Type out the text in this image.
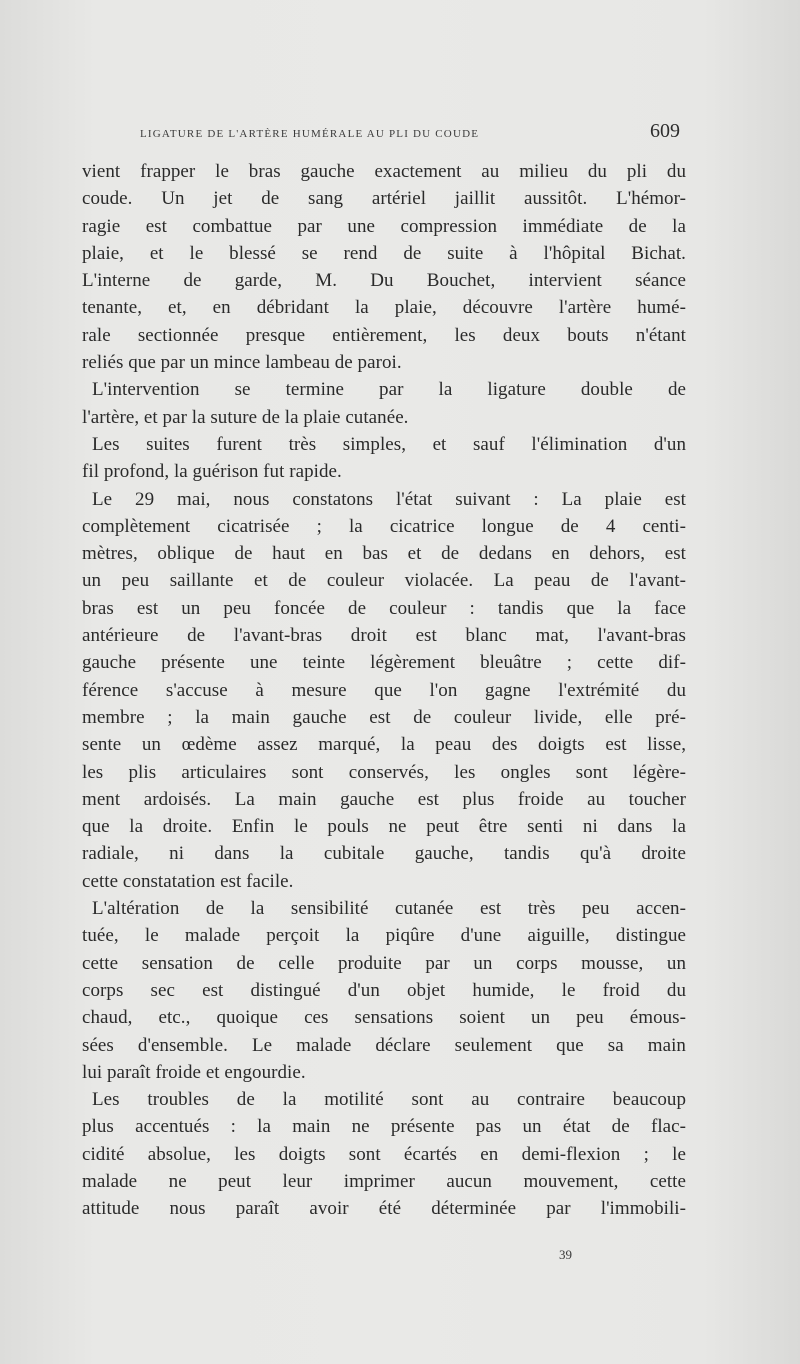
LIGATURE DE L'ARTÈRE HUMÉRALE AU PLI DU COUDE	609
vient frapper le bras gauche exactement au milieu du pli du
coude. Un jet de sang artériel jaillit aussitôt. L'hémor-
ragie est combattue par une compression immédiate de la
plaie, et le blessé se rend de suite à l'hôpital Bichat.
L'interne de garde, M. Du Bouchet, intervient séance
tenante, et, en débridant la plaie, découvre l'artère humé-
rale sectionnée presque entièrement, les deux bouts n'étant
reliés que par un mince lambeau de paroi.
L'intervention se termine par la ligature double de
l'artère, et par la suture de la plaie cutanée.
Les suites furent très simples, et sauf l'élimination d'un
fil profond, la guérison fut rapide.
Le 29 mai, nous constatons l'état suivant : La plaie est
complètement cicatrisée ; la cicatrice longue de 4 centi-
mètres, oblique de haut en bas et de dedans en dehors, est
un peu saillante et de couleur violacée. La peau de l'avant-
bras est un peu foncée de couleur : tandis que la face
antérieure de l'avant-bras droit est blanc mat, l'avant-bras
gauche présente une teinte légèrement bleuâtre ; cette dif-
férence s'accuse à mesure que l'on gagne l'extrémité du
membre ; la main gauche est de couleur livide, elle pré-
sente un œdème assez marqué, la peau des doigts est lisse,
les plis articulaires sont conservés, les ongles sont légère-
ment ardoisés. La main gauche est plus froide au toucher
que la droite. Enfin le pouls ne peut être senti ni dans la
radiale, ni dans la cubitale gauche, tandis qu'à droite
cette constatation est facile.
L'altération de la sensibilité cutanée est très peu accen-
tuée, le malade perçoit la piqûre d'une aiguille, distingue
cette sensation de celle produite par un corps mousse, un
corps sec est distingué d'un objet humide, le froid du
chaud, etc., quoique ces sensations soient un peu émous-
sées d'ensemble. Le malade déclare seulement que sa main
lui paraît froide et engourdie.
Les troubles de la motilité sont au contraire beaucoup
plus accentués : la main ne présente pas un état de flac-
cidité absolue, les doigts sont écartés en demi-flexion ; le
malade ne peut leur imprimer aucun mouvement, cette
attitude nous paraît avoir été déterminée par l'immobili-
39
